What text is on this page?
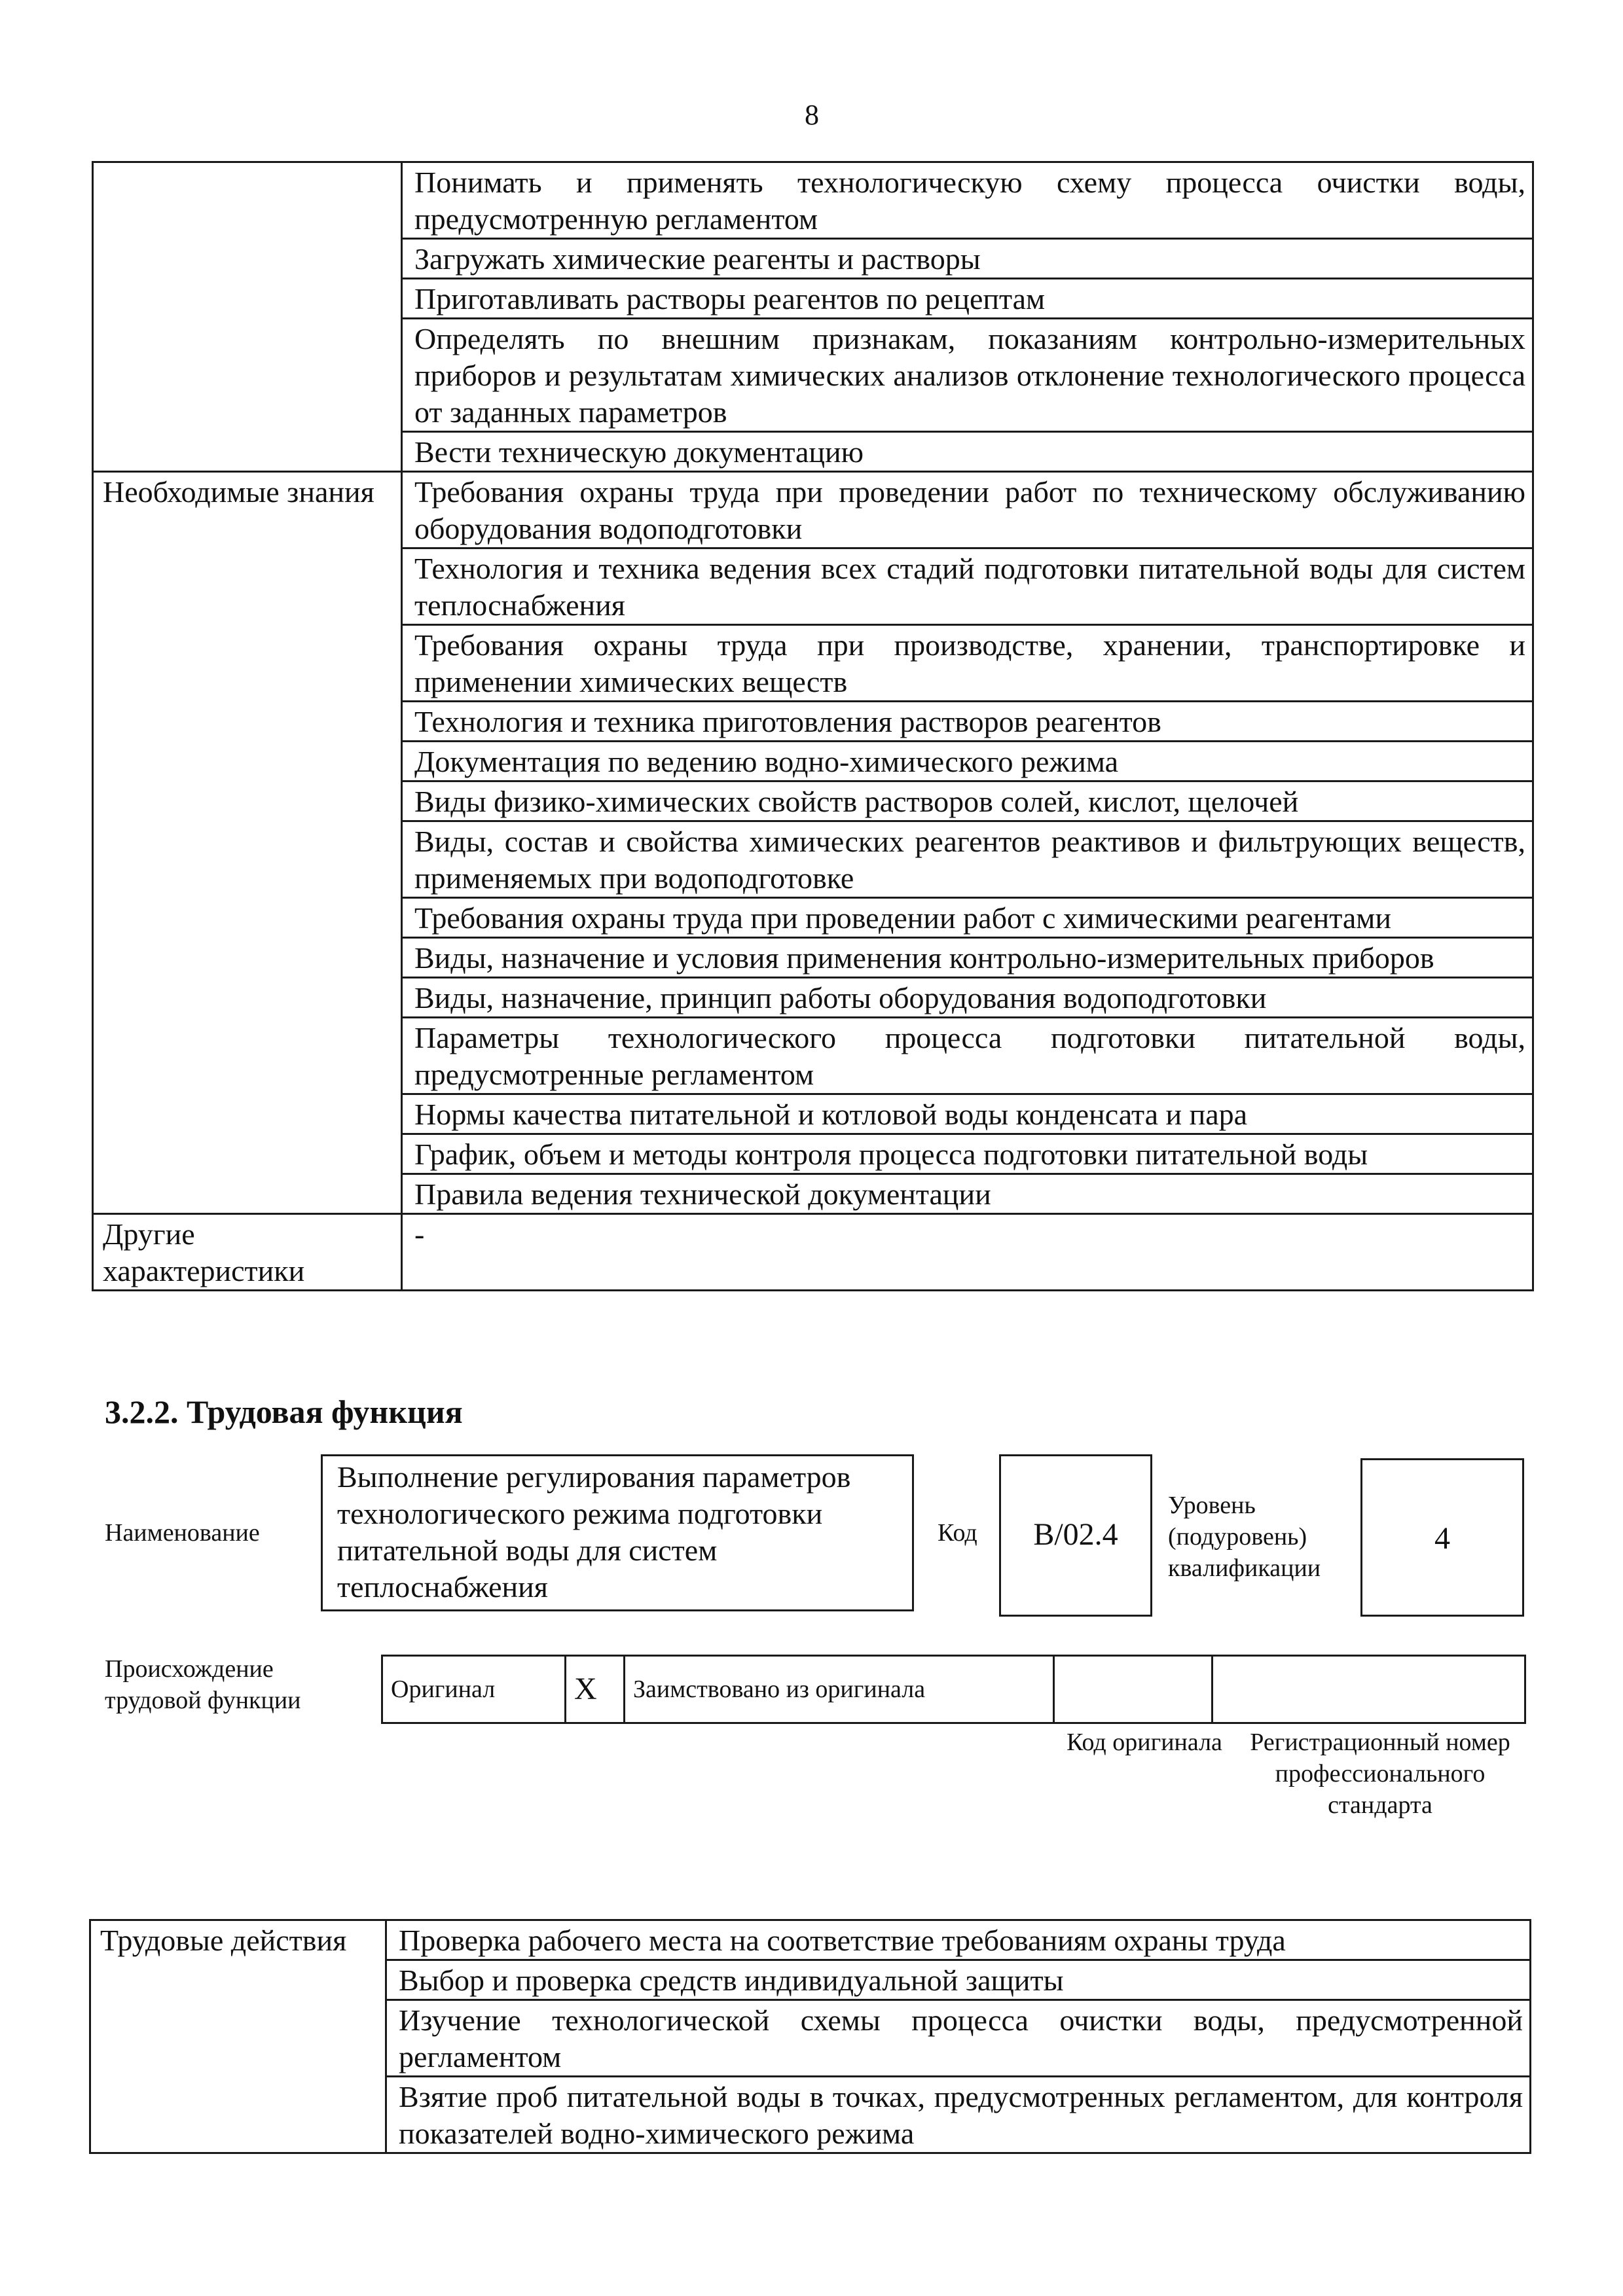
8
	Понимать и применять технологическую схему процесса очистки воды, предусмотренную регламентом
	Загружать химические реагенты и растворы
	Приготавливать растворы реагентов по рецептам
	Определять по внешним признакам, показаниям контрольно-измерительных приборов и результатам химических анализов отклонение технологического процесса от заданных параметров
	Вести техническую документацию
Необходимые знания	Требования охраны труда при проведении работ по техническому обслуживанию оборудования водоподготовки
	Технология и техника ведения всех стадий подготовки питательной воды для систем теплоснабжения
	Требования охраны труда при производстве, хранении, транспортировке и применении химических веществ
	Технология и техника приготовления растворов реагентов
	Документация по ведению водно-химического режима
	Виды физико-химических свойств растворов солей, кислот, щелочей
	Виды, состав и свойства химических реагентов реактивов и фильтрующих веществ, применяемых при водоподготовке
	Требования охраны труда при проведении работ с химическими реагентами
	Виды, назначение и условия применения контрольно-измерительных приборов
	Виды, назначение, принцип работы оборудования водоподготовки
	Параметры технологического процесса подготовки питательной воды, предусмотренные регламентом
	Нормы качества питательной и котловой воды конденсата и пара
	График, объем и методы контроля процесса подготовки питательной воды
	Правила ведения технической документации
Другие характеристики	-
3.2.2. Трудовая функция
Наименование
Выполнение регулирования параметров технологического режима подготовки питательной воды для систем теплоснабжения
Код	В/02.4
Уровень (подуровень) квалификации
4
Происхождение трудовой функции	Оригинал	X	Заимствовано из оригинала		
Код оригинала Регистрационный номер профессионального стандарта
Трудовые действия	Проверка рабочего места на соответствие требованиям охраны труда
Выбор и проверка средств индивидуальной защиты
Изучение технологической схемы процесса очистки воды, предусмотренной регламентом
Взятие проб питательной воды в точках, предусмотренных регламентом, для контроля показателей водно-химического режима
